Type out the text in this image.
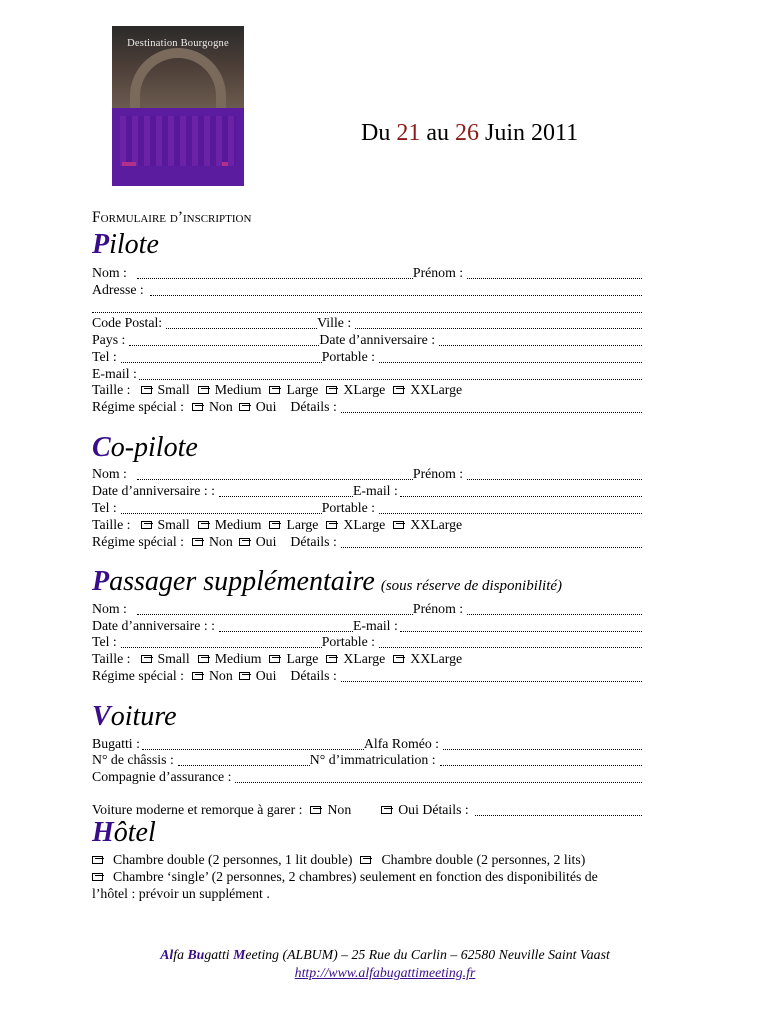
Destination Bourgogne
Du 21 au 26 Juin 2011
Formulaire d’inscription
Pilote
Nom :	Prénom :
Adresse :
Code Postal:	Ville :
Pays :	Date d’anniversaire :
Tel :	Portable :
E-mail :
Taille : Small Medium Large XLarge XXLarge
Régime spécial : Non Oui Détails :
Co-pilote
Nom :	Prénom :
Date d’anniversaire : :	E-mail :
Tel :	Portable :
Taille : Small Medium Large XLarge XXLarge
Régime spécial : Non Oui Détails :
Passager supplémentaire (sous réserve de disponibilité)
Nom :	Prénom :
Date d’anniversaire : :	E-mail :
Tel :	Portable :
Taille : Small Medium Large XLarge XXLarge
Régime spécial : Non Oui Détails :
Voiture
Bugatti :	Alfa Roméo :
N° de châssis :	N° d’immatriculation :
Compagnie d’assurance :
Voiture moderne et remorque à garer : Non	Oui Détails :
Hôtel
Chambre double (2 personnes, 1 lit double) Chambre double (2 personnes, 2 lits)
Chambre ‘single’ (2 personnes, 2 chambres) seulement en fonction des disponibilités de
l’hôtel : prévoir un supplément .
Alfa Bugatti Meeting (ALBUM) – 25 Rue du Carlin – 62580 Neuville Saint Vaast
http://www.alfabugattimeeting.fr
